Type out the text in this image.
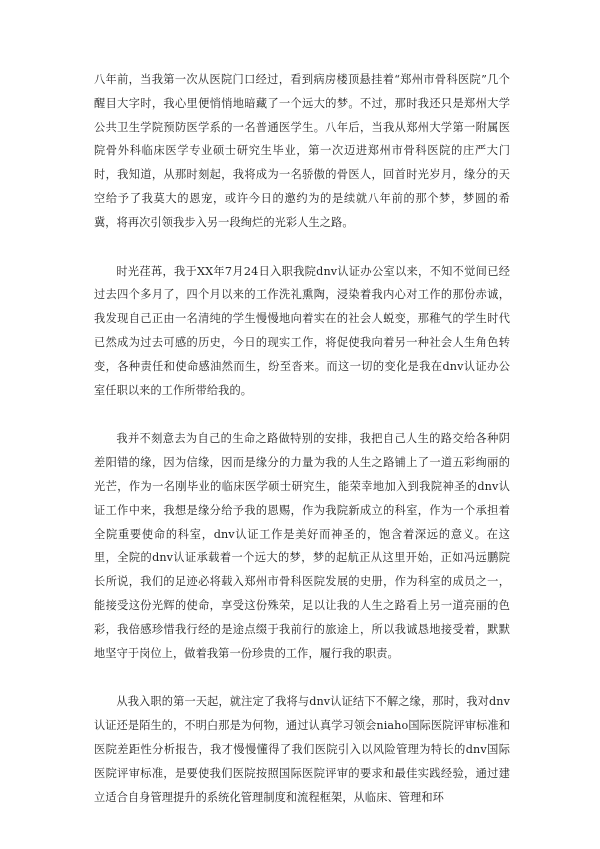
八年前，当我第一次从医院门口经过，看到病房楼顶悬挂着“郑州市骨科医院”几个醒目大字时，我心里便悄悄地暗藏了一个远大的梦。不过，那时我还只是郑州大学公共卫生学院预防医学系的一名普通医学生。八年后，当我从郑州大学第一附属医院骨外科临床医学专业硕士研究生毕业，第一次迈进郑州市骨科医院的庄严大门时，我知道，从那时刻起，我将成为一名骄傲的骨医人，回首时光岁月，缘分的天空给予了我莫大的恩宠，或许今日的邀约为的是续就八年前的那个梦，梦圆的希冀，将再次引领我步入另一段绚烂的光彩人生之路。

时光荏苒，我于XX年7月24日入职我院dnv认证办公室以来，不知不觉间已经过去四个多月了，四个月以来的工作洗礼熏陶，浸染着我内心对工作的那份赤诚，我发现自己正由一名清纯的学生慢慢地向着实在的社会人蜕变，那稚气的学生时代已然成为过去可感的历史，今日的现实工作，将促使我向着另一种社会人生角色转变，各种责任和使命感油然而生，纷至沓来。而这一切的变化是我在dnv认证办公室任职以来的工作所带给我的。

我并不刻意去为自己的生命之路做特别的安排，我把自己人生的路交给各种阴差阳错的缘，因为信缘，因而是缘分的力量为我的人生之路铺上了一道五彩绚丽的光芒，作为一名刚毕业的临床医学硕士研究生，能荣幸地加入到我院神圣的dnv认证工作中来，我想是缘分给予我的恩赐，作为我院新成立的科室，作为一个承担着全院重要使命的科室，dnv认证工作是美好而神圣的，饱含着深远的意义。在这里，全院的dnv认证承载着一个远大的梦，梦的起航正从这里开始，正如冯远鹏院长所说，我们的足迹必将载入郑州市骨科医院发展的史册，作为科室的成员之一，能接受这份光辉的使命，享受这份殊荣，足以让我的人生之路看上另一道亮丽的色彩，我倍感珍惜我行经的是途点缀于我前行的旅途上，所以我诚恳地接受着，默默地坚守于岗位上，做着我第一份珍贵的工作，履行我的职责。

从我入职的第一天起，就注定了我将与dnv认证结下不解之缘，那时，我对dnv认证还是陌生的，不明白那是为何物，通过认真学习领会niaho国际医院评审标准和医院差距性分析报告，我才慢慢懂得了我们医院引入以风险管理为特长的dnv国际医院评审标准，是要使我们医院按照国际医院评审的要求和最佳实践经验，通过建立适合自身管理提升的系统化管理制度和流程框架，从临床、管理和环
